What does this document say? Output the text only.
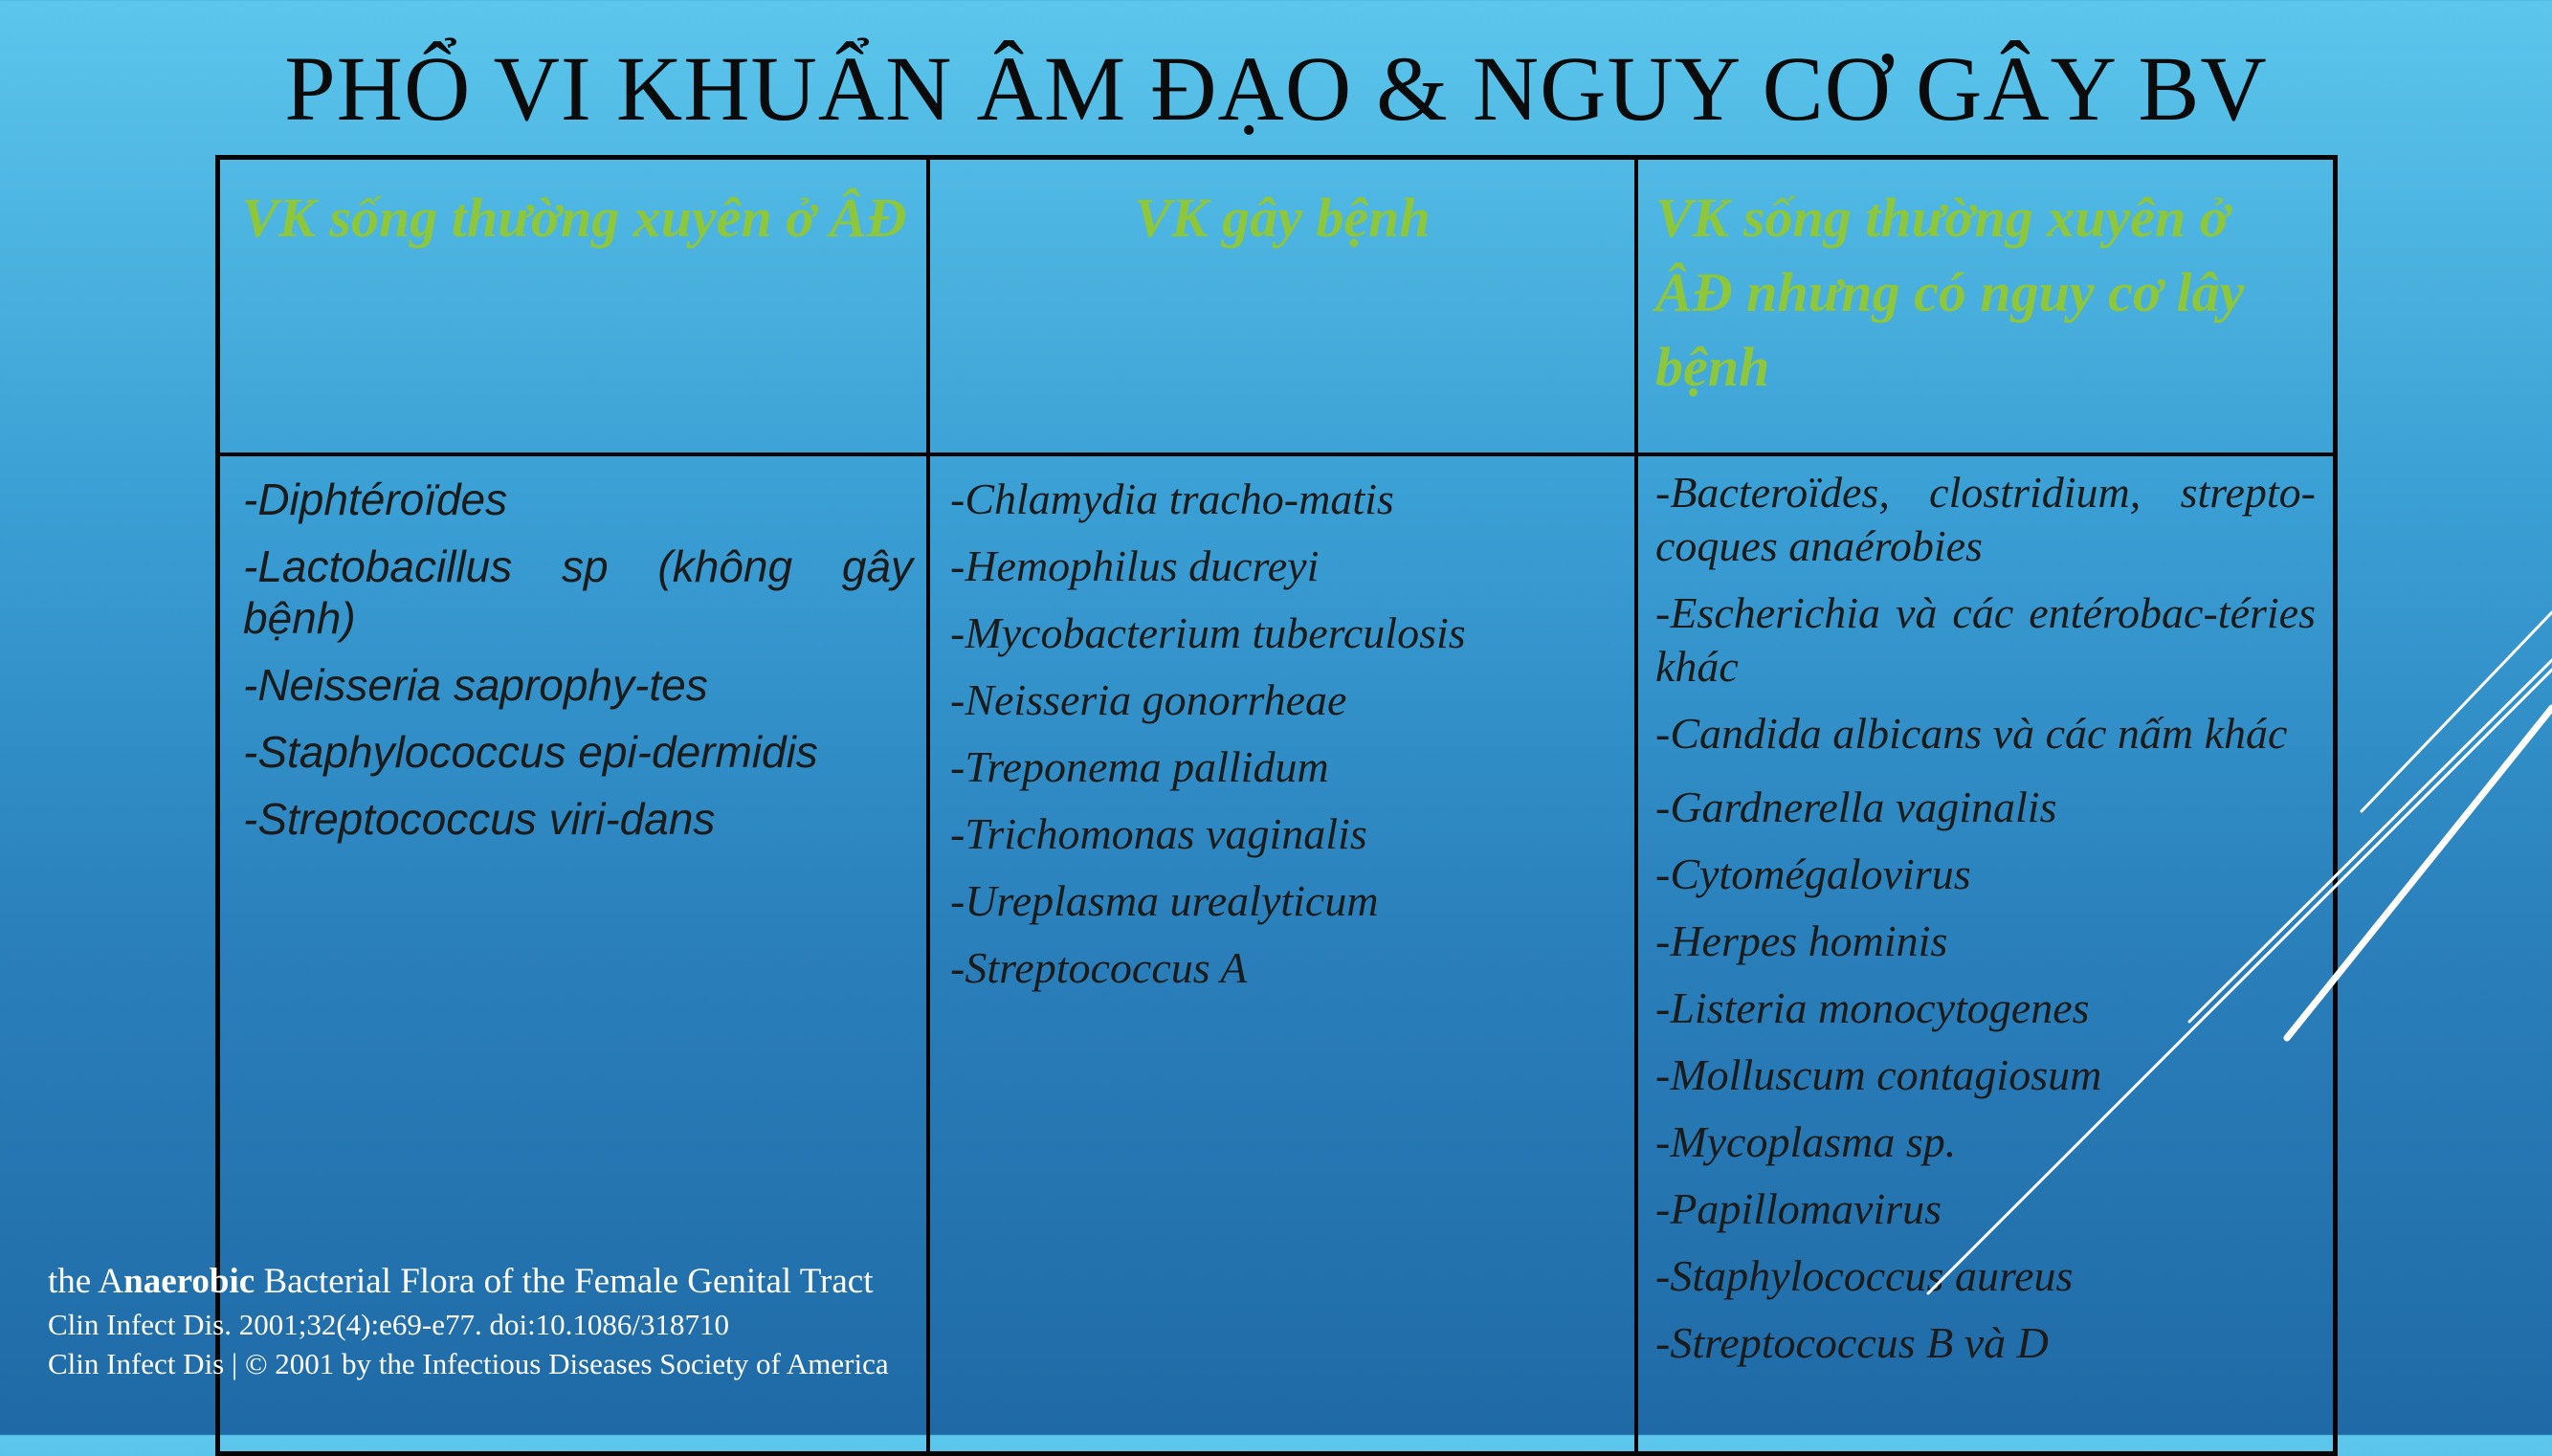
PHỔ VI KHUẨN ÂM ĐẠO & NGUY CƠ GÂY BV
VK sống thường xuyên ở ÂĐ	VK gây bệnh	VK sống thường xuyên ở ÂĐ nhưng có nguy cơ lây bệnh
-Diphtéroïdes
-Lactobacillus sp (không gây bệnh)
-Neisseria saprophy-tes
-Staphylococcus epi-dermidis
-Streptococcus viri-dans
-Chlamydia tracho-matis
-Hemophilus ducreyi
-Mycobacterium tuberculosis
-Neisseria gonorrheae
-Treponema pallidum
-Trichomonas vaginalis
-Ureplasma urealyticum
-Streptococcus A
-Bacteroïdes, clostridium, strepto-coques anaérobies
-Escherichia và các entérobac-téries khác
-Candida albicans và các nấm khác
-Gardnerella vaginalis
-Cytomégalovirus
-Herpes hominis
-Listeria monocytogenes
-Molluscum contagiosum
-Mycoplasma sp.
-Papillomavirus
-Staphylococcus aureus
-Streptococcus B và D
the Anaerobic Bacterial Flora of the Female Genital Tract
Clin Infect Dis. 2001;32(4):e69-e77. doi:10.1086/318710
Clin Infect Dis | © 2001 by the Infectious Diseases Society of America
